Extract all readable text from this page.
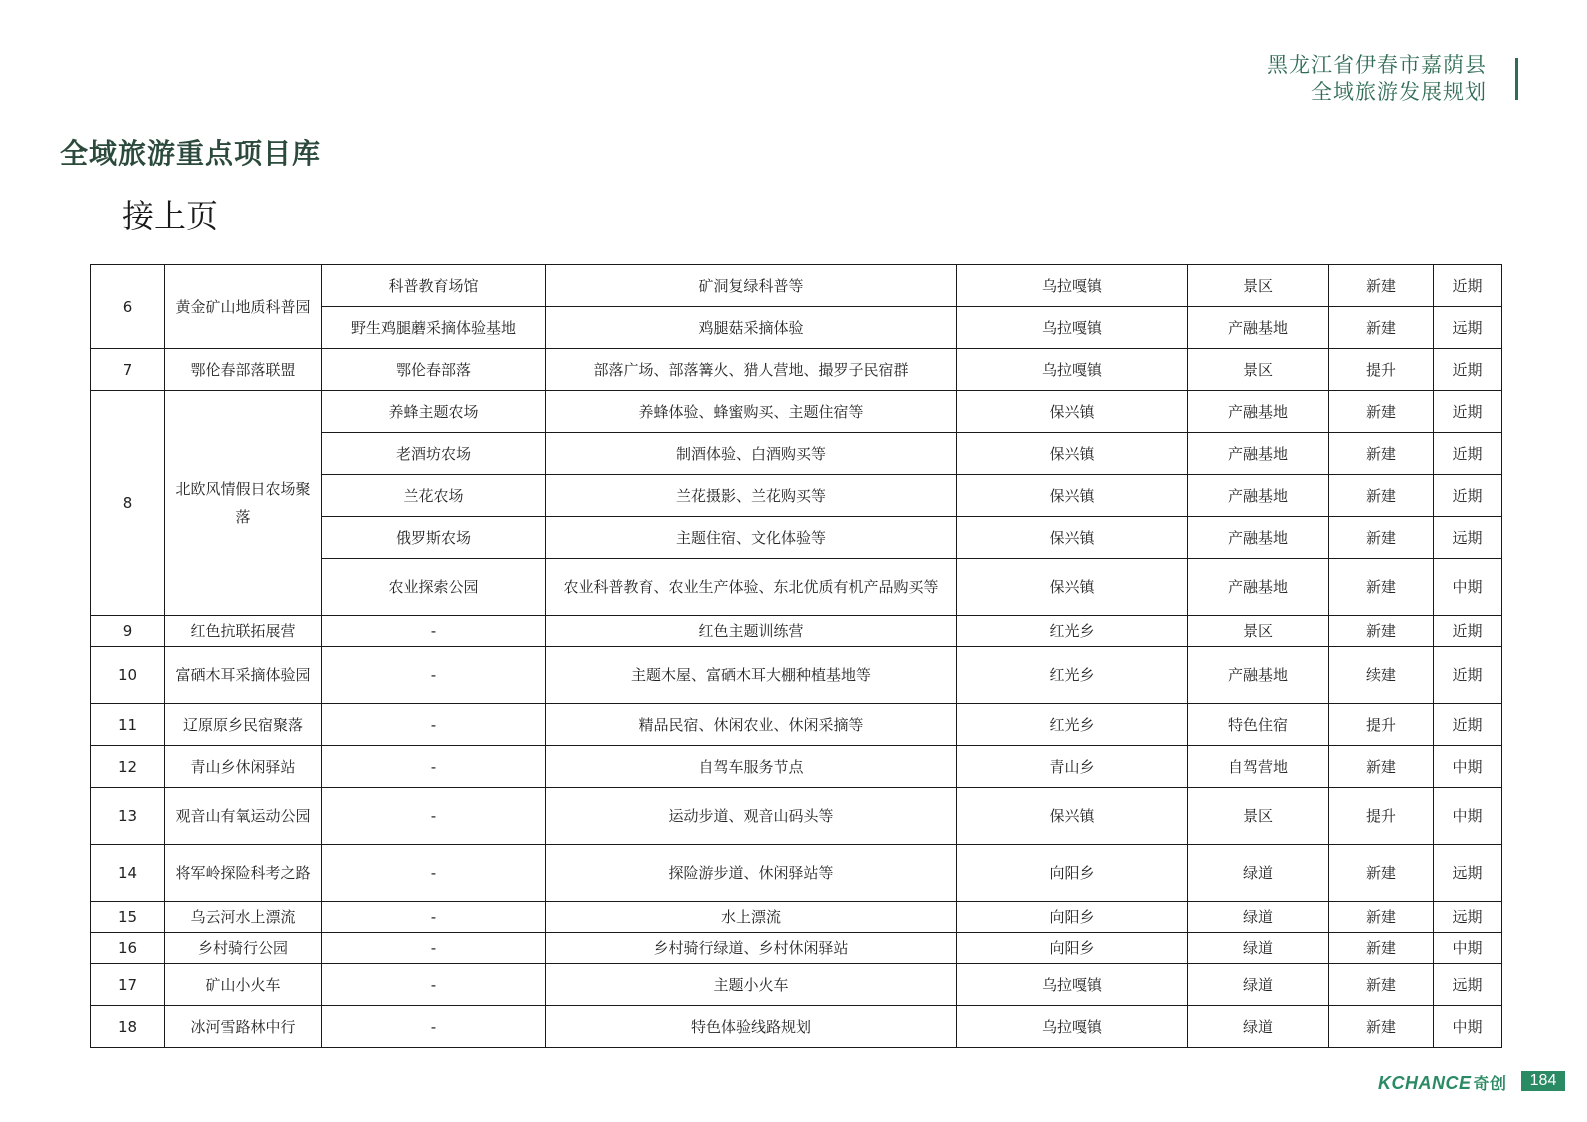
黑龙江省伊春市嘉荫县
全域旅游发展规划
全域旅游重点项目库
接上页
6	黄金矿山地质科普园	科普教育场馆	矿洞复绿科普等	乌拉嘎镇	景区	新建	近期
		野生鸡腿蘑采摘体验基地	鸡腿菇采摘体验	乌拉嘎镇	产融基地	新建	远期
7	鄂伦春部落联盟	鄂伦春部落	部落广场、部落篝火、猎人营地、撮罗子民宿群	乌拉嘎镇	景区	提升	近期
8	北欧风情假日农场聚落	养蜂主题农场	养蜂体验、蜂蜜购买、主题住宿等	保兴镇	产融基地	新建	近期
		老酒坊农场	制酒体验、白酒购买等	保兴镇	产融基地	新建	近期
		兰花农场	兰花摄影、兰花购买等	保兴镇	产融基地	新建	近期
		俄罗斯农场	主题住宿、文化体验等	保兴镇	产融基地	新建	远期
		农业探索公园	农业科普教育、农业生产体验、东北优质有机产品购买等	保兴镇	产融基地	新建	中期
9	红色抗联拓展营	-	红色主题训练营	红光乡	景区	新建	近期
10	富硒木耳采摘体验园	-	主题木屋、富硒木耳大棚种植基地等	红光乡	产融基地	续建	近期
11	辽原原乡民宿聚落	-	精品民宿、休闲农业、休闲采摘等	红光乡	特色住宿	提升	近期
12	青山乡休闲驿站	-	自驾车服务节点	青山乡	自驾营地	新建	中期
13	观音山有氧运动公园	-	运动步道、观音山码头等	保兴镇	景区	提升	中期
14	将军岭探险科考之路	-	探险游步道、休闲驿站等	向阳乡	绿道	新建	远期
15	乌云河水上漂流	-	水上漂流	向阳乡	绿道	新建	远期
16	乡村骑行公园	-	乡村骑行绿道、乡村休闲驿站	向阳乡	绿道	新建	中期
17	矿山小火车	-	主题小火车	乌拉嘎镇	绿道	新建	远期
18	冰河雪路林中行	-	特色体验线路规划	乌拉嘎镇	绿道	新建	中期
KCHANCE 奇创	184
